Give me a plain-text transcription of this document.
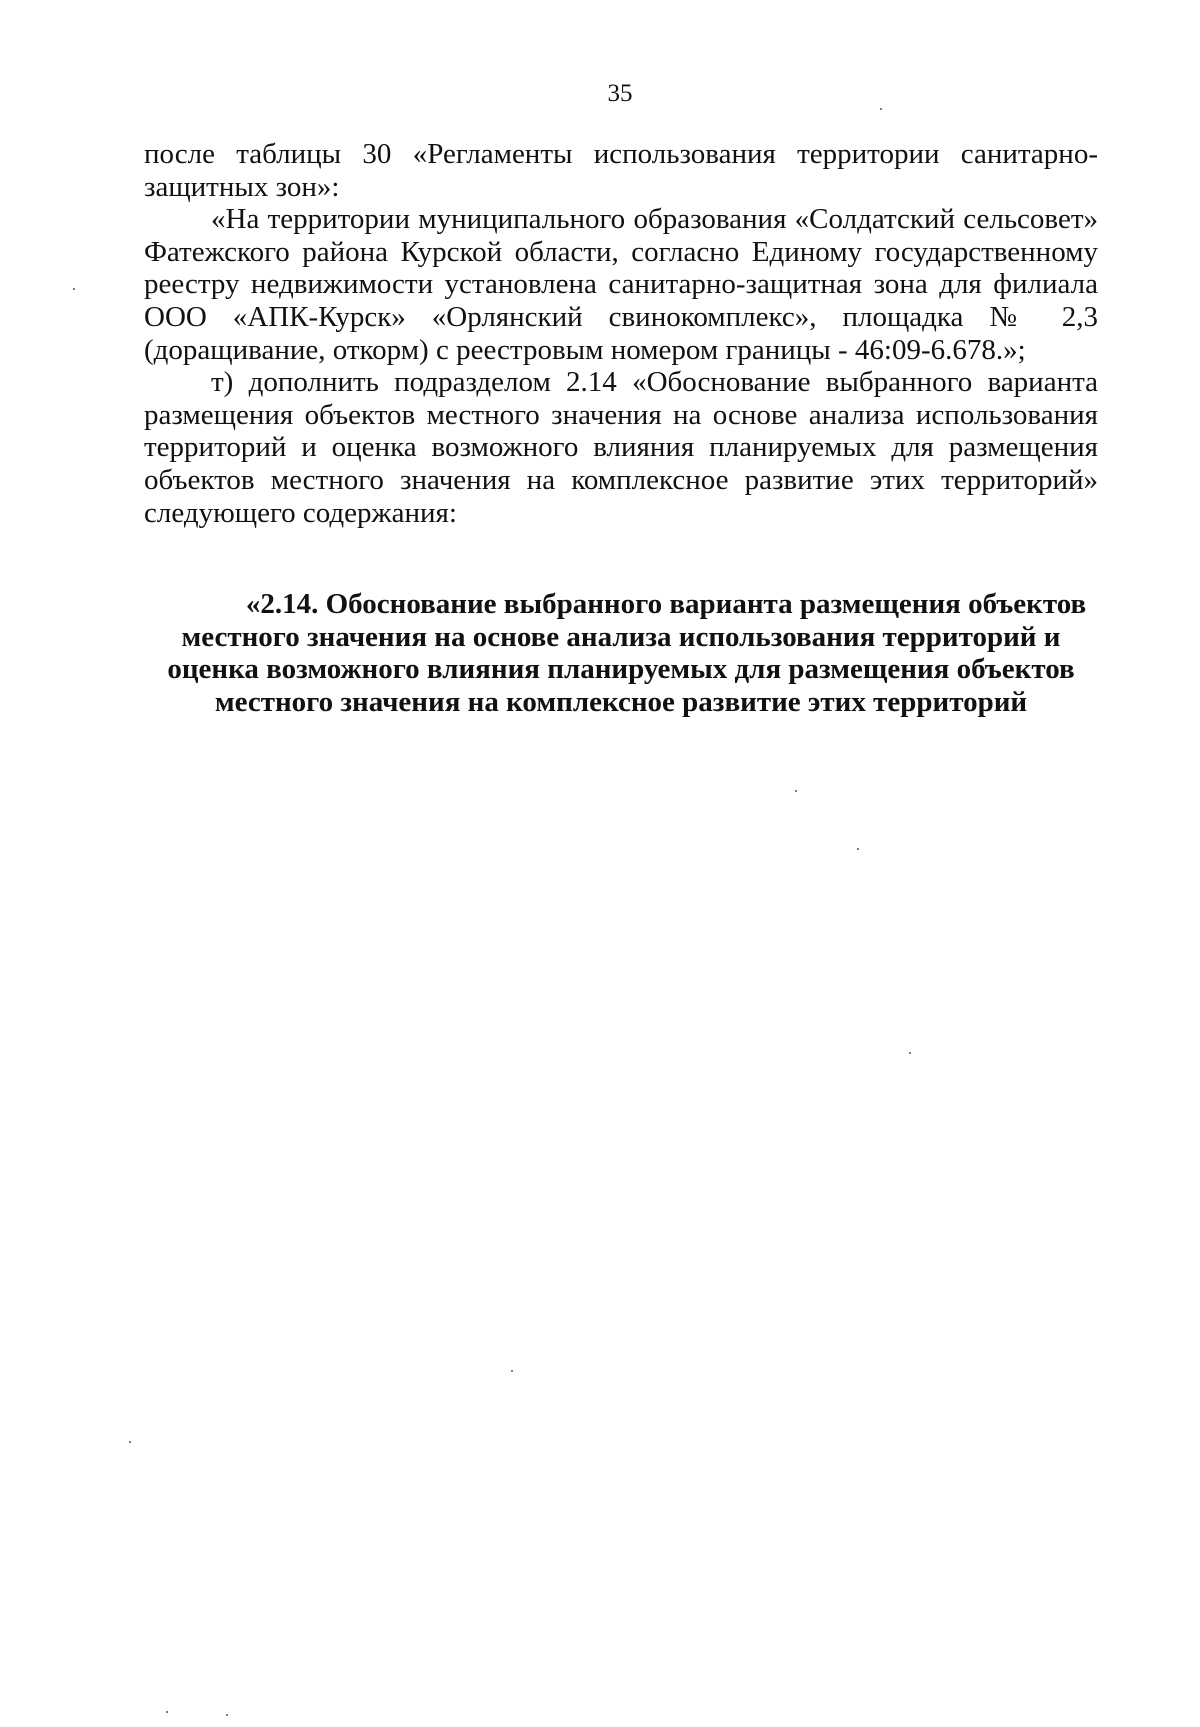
35

после таблицы 30 «Регламенты использования территории санитарно-защитных зон»:

«На территории муниципального образования «Солдатский сельсовет» Фатежского района Курской области, согласно Единому государственному реестру недвижимости установлена санитарно-защитная зона для филиала ООО «АПК-Курск» «Орлянский свинокомплекс», площадка № 2,3 (доращивание, откорм) с реестровым номером границы - 46:09-6.678.»;

т) дополнить подразделом 2.14 «Обоснование выбранного варианта размещения объектов местного значения на основе анализа использования территорий и оценка возможного влияния планируемых для размещения объектов местного значения на комплексное развитие этих территорий» следующего содержания:

«2.14. Обоснование выбранного варианта размещения объектов
местного значения на основе анализа использования территорий и
оценка возможного влияния планируемых для размещения объектов
местного значения на комплексное развитие этих территорий
